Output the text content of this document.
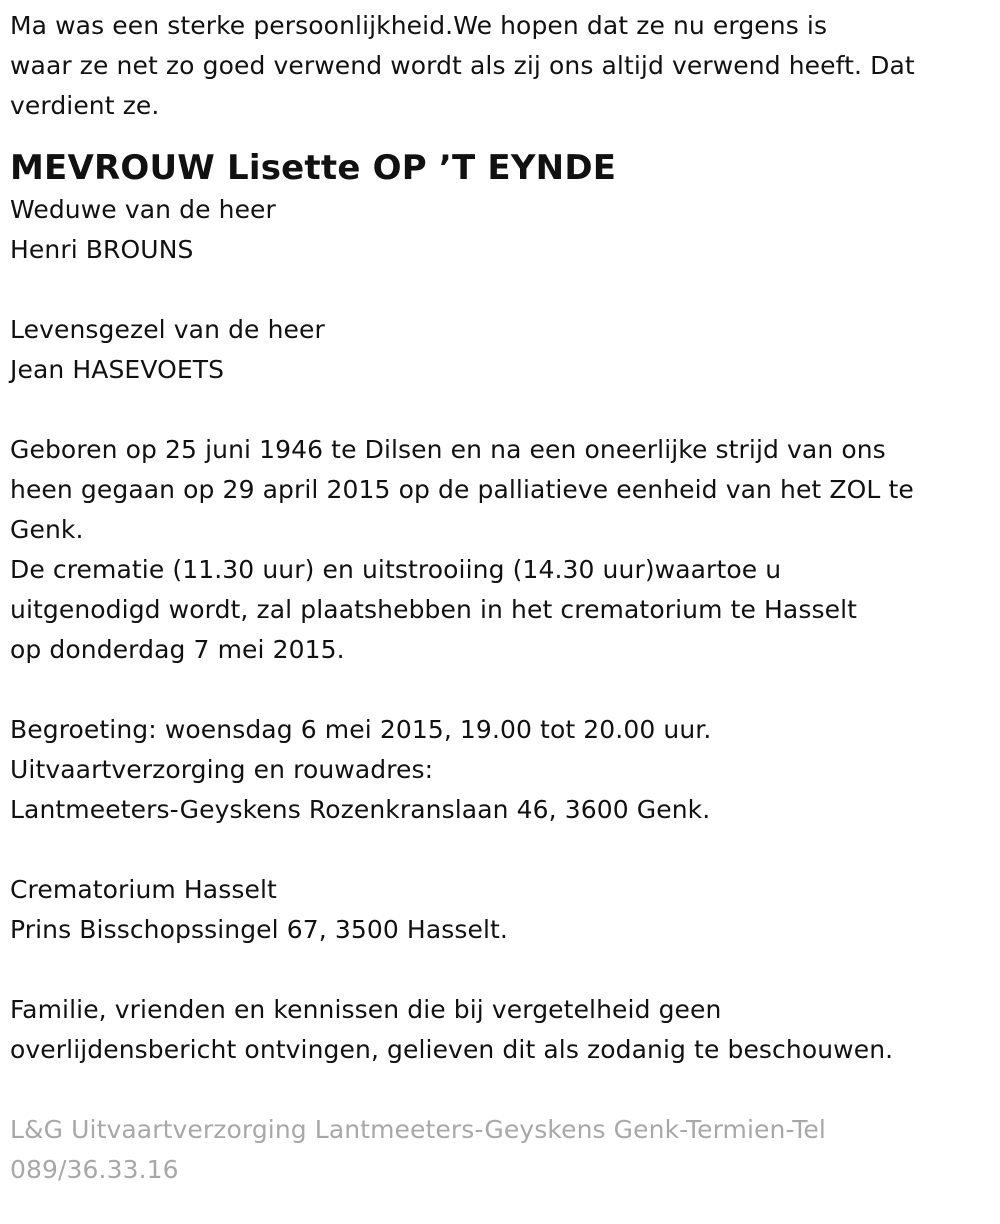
Ma was een sterke persoonlijkheid.We hopen dat ze nu ergens is
waar ze net zo goed verwend wordt als zij ons altijd verwend heeft. Dat
verdient ze.
MEVROUW Lisette OP ’T EYNDE
Weduwe van de heer
Henri BROUNS
Levensgezel van de heer
Jean HASEVOETS
Geboren op 25 juni 1946 te Dilsen en na een oneerlijke strijd van ons
heen gegaan op 29 april 2015 op de palliatieve eenheid van het ZOL te
Genk.
De crematie (11.30 uur) en uitstrooiing (14.30 uur)waartoe u
uitgenodigd wordt, zal plaatshebben in het crematorium te Hasselt
op donderdag 7 mei 2015.
Begroeting: woensdag 6 mei 2015, 19.00 tot 20.00 uur.
Uitvaartverzorging en rouwadres:
Lantmeeters-Geyskens Rozenkranslaan 46, 3600 Genk.
Crematorium Hasselt
Prins Bisschopssingel 67, 3500 Hasselt.
Familie, vrienden en kennissen die bij vergetelheid geen
overlijdensbericht ontvingen, gelieven dit als zodanig te beschouwen.
L&G Uitvaartverzorging Lantmeeters-Geyskens Genk-Termien-Tel
089/36.33.16
